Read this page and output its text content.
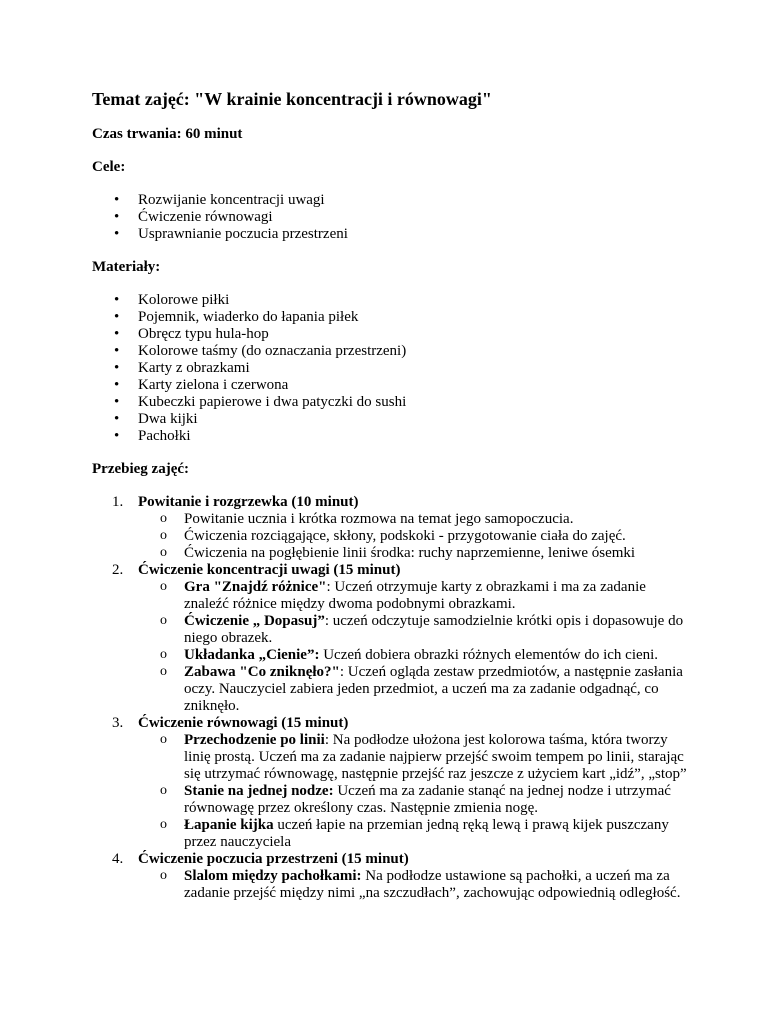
Temat zajęć: "W krainie koncentracji i równowagi"

Czas trwania: 60 minut

Cele:

• Rozwijanie koncentracji uwagi
• Ćwiczenie równowagi
• Usprawnianie poczucia przestrzeni

Materiały:

• Kolorowe piłki
• Pojemnik, wiaderko do łapania piłek
• Obręcz typu hula-hop
• Kolorowe taśmy (do oznaczania przestrzeni)
• Karty z obrazkami
• Karty zielona i czerwona
• Kubeczki papierowe i dwa patyczki do sushi
• Dwa kijki
• Pachołki

Przebieg zajęć:

1. Powitanie i rozgrzewka (10 minut)
o Powitanie ucznia i krótka rozmowa na temat jego samopoczucia.
o Ćwiczenia rozciągające, skłony, podskoki - przygotowanie ciała do zajęć.
o Ćwiczenia na pogłębienie linii środka: ruchy naprzemienne, leniwe ósemki
2. Ćwiczenie koncentracji uwagi (15 minut)
o Gra "Znajdź różnice": Uczeń otrzymuje karty z obrazkami i ma za zadanie znaleźć różnice między dwoma podobnymi obrazkami.
o Ćwiczenie „ Dopasuj”: uczeń odczytuje samodzielnie krótki opis i dopasowuje do niego obrazek.
o Układanka „Cienie”: Uczeń dobiera obrazki różnych elementów do ich cieni.
o Zabawa "Co zniknęło?": Uczeń ogląda zestaw przedmiotów, a następnie zasłania oczy. Nauczyciel zabiera jeden przedmiot, a uczeń ma za zadanie odgadnąć, co zniknęło.
3. Ćwiczenie równowagi (15 minut)
o Przechodzenie po linii: Na podłodze ułożona jest kolorowa taśma, która tworzy linię prostą. Uczeń ma za zadanie najpierw przejść swoim tempem po linii, starając się utrzymać równowagę, następnie przejść raz jeszcze z użyciem kart „idź”, „stop”
o Stanie na jednej nodze: Uczeń ma za zadanie stanąć na jednej nodze i utrzymać równowagę przez określony czas. Następnie zmienia nogę.
o Łapanie kijka uczeń łapie na przemian jedną ręką lewą i prawą kijek puszczany przez nauczyciela
4. Ćwiczenie poczucia przestrzeni (15 minut)
o Slalom między pachołkami: Na podłodze ustawione są pachołki, a uczeń ma za zadanie przejść między nimi „na szczudłach”, zachowując odpowiednią odległość.
